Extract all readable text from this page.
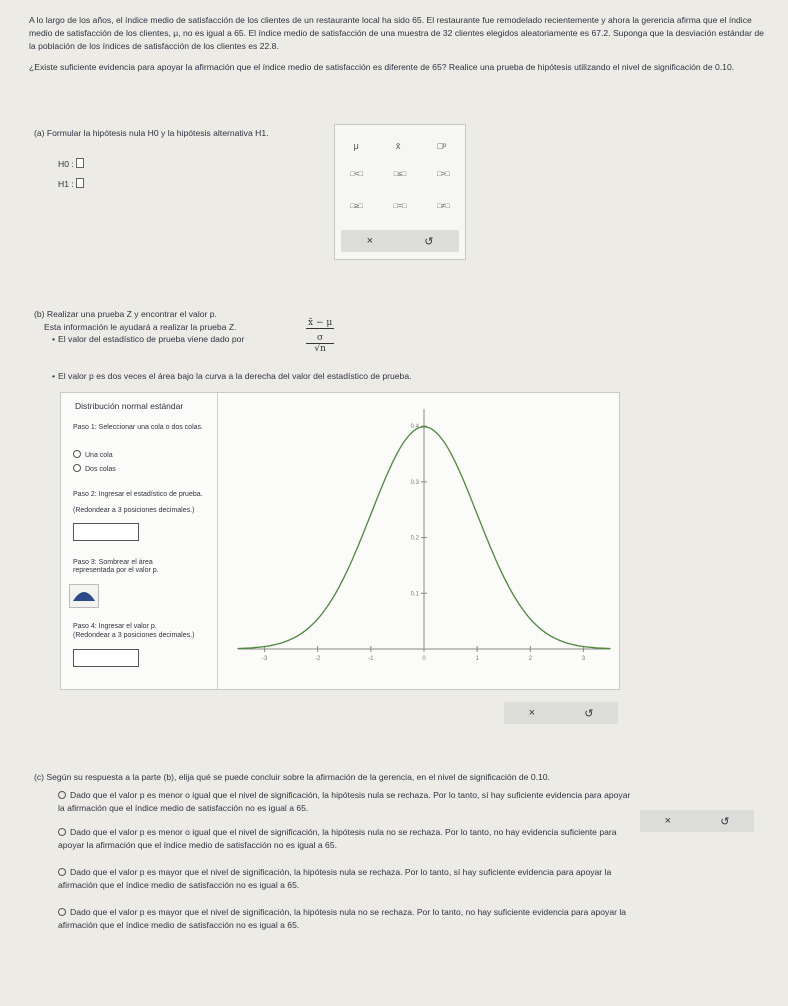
A lo largo de los años, el índice medio de satisfacción de los clientes de un restaurante local ha sido 65. El restaurante fue remodelado recientemente y ahora la gerencia afirma que el índice medio de satisfacción de los clientes, μ, no es igual a 65. El índice medio de satisfacción de una muestra de 32 clientes elegidos aleatoriamente es 67.2. Suponga que la desviación estándar de la población de los índices de satisfacción de los clientes es 22.8.

¿Existe suficiente evidencia para apoyar la afirmación que el índice medio de satisfacción es diferente de 65? Realice una prueba de hipótesis utilizando el nivel de significación de 0.10.

(a) Formular la hipótesis nula H0 y la hipótesis alternativa H1.
H0 :
H1 :
μ	x̄	□ᵖ
□<□	□≤□	□>□
□≥□	□=□	□≠□
×	↺
(b) Realizar una prueba Z y encontrar el valor p.
Esta información le ayudará a realizar la prueba Z.
• El valor del estadístico de prueba viene dado por
x̄ − μ
σ
√n
• El valor p es dos veces el área bajo la curva a la derecha del valor del estadístico de prueba.
Distribución normal estándar
Paso 1: Seleccionar una cola o dos colas.
Una cola
Dos colas
Paso 2: Ingresar el estadístico de prueba.
(Redondear a 3 posiciones decimales.)
Paso 3: Sombrear el área representada por el valor p.
Paso 4: Ingresar el valor p.
(Redondear a 3 posiciones decimales.)
0.4
0.3
0.2
0.1
-3	-2	-1	0	1	2	3
×	↺
(c) Según su respuesta a la parte (b), elija qué se puede concluir sobre la afirmación de la gerencia, en el nivel de significación de 0.10.
Dado que el valor p es menor o igual que el nivel de significación, la hipótesis nula se rechaza. Por lo tanto, sí hay suficiente evidencia para apoyar la afirmación que el índice medio de satisfacción no es igual a 65.
Dado que el valor p es menor o igual que el nivel de significación, la hipótesis nula no se rechaza. Por lo tanto, no hay evidencia suficiente para apoyar la afirmación que el índice medio de satisfacción no es igual a 65.
Dado que el valor p es mayor que el nivel de significación, la hipótesis nula se rechaza. Por lo tanto, sí hay suficiente evidencia para apoyar la afirmación que el índice medio de satisfacción no es igual a 65.
Dado que el valor p es mayor que el nivel de significación, la hipótesis nula no se rechaza. Por lo tanto, no hay suficiente evidencia para apoyar la afirmación que el índice medio de satisfacción no es igual a 65.
×	↺
